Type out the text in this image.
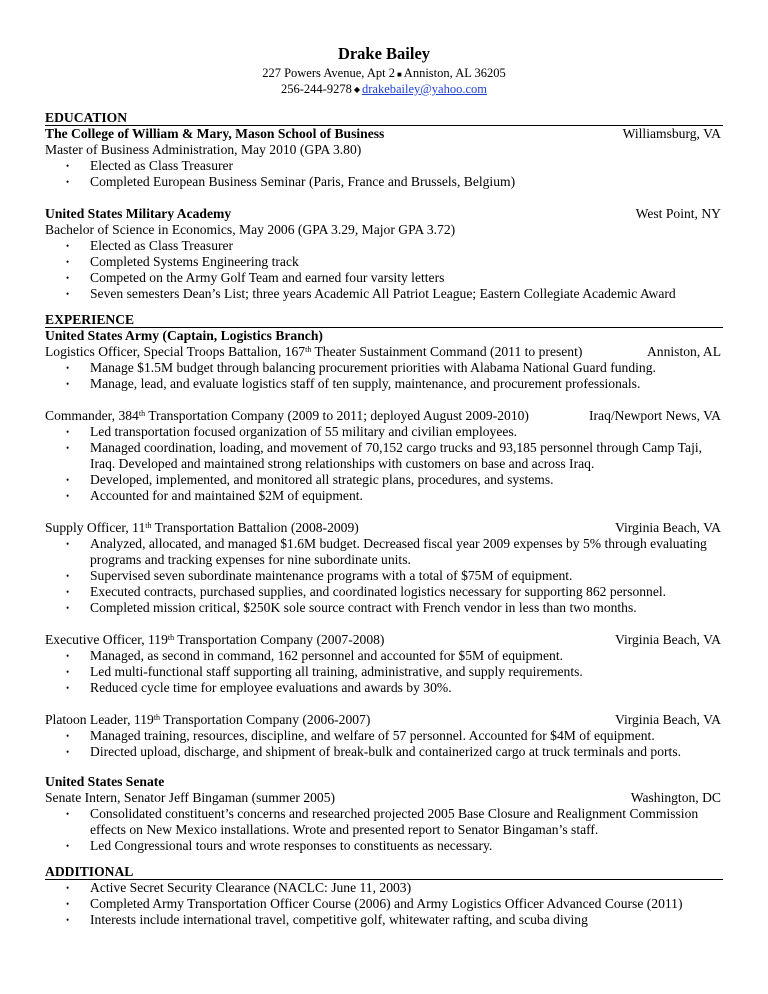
Drake Bailey
227 Powers Avenue, Apt 2 ■ Anniston, AL 36205
256-244-9278 ◆ drakebailey@yahoo.com
EDUCATION
The College of William & Mary, Mason School of Business	Williamsburg, VA
Master of Business Administration, May 2010 (GPA 3.80)
• Elected as Class Treasurer
• Completed European Business Seminar (Paris, France and Brussels, Belgium)
United States Military Academy	West Point, NY
Bachelor of Science in Economics, May 2006 (GPA 3.29, Major GPA 3.72)
• Elected as Class Treasurer
• Completed Systems Engineering track
• Competed on the Army Golf Team and earned four varsity letters
• Seven semesters Dean’s List; three years Academic All Patriot League; Eastern Collegiate Academic Award
EXPERIENCE
United States Army (Captain, Logistics Branch)
Logistics Officer, Special Troops Battalion, 167th Theater Sustainment Command (2011 to present)	Anniston, AL
• Manage $1.5M budget through balancing procurement priorities with Alabama National Guard funding.
• Manage, lead, and evaluate logistics staff of ten supply, maintenance, and procurement professionals.
Commander, 384th Transportation Company (2009 to 2011; deployed August 2009-2010)	Iraq/Newport News, VA
• Led transportation focused organization of 55 military and civilian employees.
• Managed coordination, loading, and movement of 70,152 cargo trucks and 93,185 personnel through Camp Taji, Iraq. Developed and maintained strong relationships with customers on base and across Iraq.
• Developed, implemented, and monitored all strategic plans, procedures, and systems.
• Accounted for and maintained $2M of equipment.
Supply Officer, 11th Transportation Battalion (2008-2009)	Virginia Beach, VA
• Analyzed, allocated, and managed $1.6M budget. Decreased fiscal year 2009 expenses by 5% through evaluating programs and tracking expenses for nine subordinate units.
• Supervised seven subordinate maintenance programs with a total of $75M of equipment.
• Executed contracts, purchased supplies, and coordinated logistics necessary for supporting 862 personnel.
• Completed mission critical, $250K sole source contract with French vendor in less than two months.
Executive Officer, 119th Transportation Company (2007-2008)	Virginia Beach, VA
• Managed, as second in command, 162 personnel and accounted for $5M of equipment.
• Led multi-functional staff supporting all training, administrative, and supply requirements.
• Reduced cycle time for employee evaluations and awards by 30%.
Platoon Leader, 119th Transportation Company (2006-2007)	Virginia Beach, VA
• Managed training, resources, discipline, and welfare of 57 personnel. Accounted for $4M of equipment.
• Directed upload, discharge, and shipment of break-bulk and containerized cargo at truck terminals and ports.
United States Senate
Senate Intern, Senator Jeff Bingaman (summer 2005)	Washington, DC
• Consolidated constituent’s concerns and researched projected 2005 Base Closure and Realignment Commission effects on New Mexico installations. Wrote and presented report to Senator Bingaman’s staff.
• Led Congressional tours and wrote responses to constituents as necessary.
ADDITIONAL
• Active Secret Security Clearance (NACLC: June 11, 2003)
• Completed Army Transportation Officer Course (2006) and Army Logistics Officer Advanced Course (2011)
• Interests include international travel, competitive golf, whitewater rafting, and scuba diving
